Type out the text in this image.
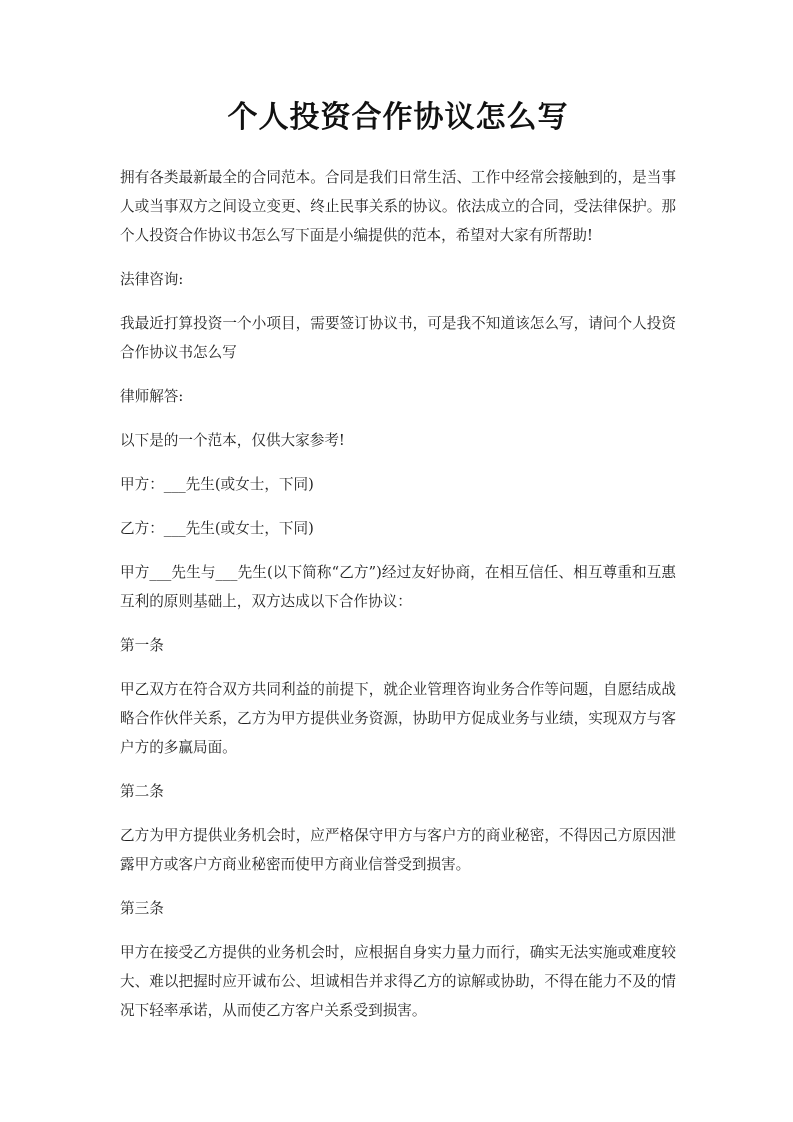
个人投资合作协议怎么写

拥有各类最新最全的合同范本。合同是我们日常生活、工作中经常会接触到的，是当事人或当事双方之间设立变更、终止民事关系的协议。依法成立的合同，受法律保护。那个人投资合作协议书怎么写下面是小编提供的范本，希望对大家有所帮助!

法律咨询:

我最近打算投资一个小项目，需要签订协议书，可是我不知道该怎么写，请问个人投资合作协议书怎么写

律师解答:

以下是的一个范本，仅供大家参考!

甲方：___先生(或女士，下同)

乙方：___先生(或女士，下同)

甲方___先生与___先生(以下简称“乙方”)经过友好协商，在相互信任、相互尊重和互惠互利的原则基础上，双方达成以下合作协议：

第一条

甲乙双方在符合双方共同利益的前提下，就企业管理咨询业务合作等问题，自愿结成战略合作伙伴关系，乙方为甲方提供业务资源，协助甲方促成业务与业绩，实现双方与客户方的多赢局面。

第二条

乙方为甲方提供业务机会时，应严格保守甲方与客户方的商业秘密，不得因己方原因泄露甲方或客户方商业秘密而使甲方商业信誉受到损害。

第三条

甲方在接受乙方提供的业务机会时，应根据自身实力量力而行，确实无法实施或难度较大、难以把握时应开诚布公、坦诚相告并求得乙方的谅解或协助，不得在能力不及的情况下轻率承诺，从而使乙方客户关系受到损害。
